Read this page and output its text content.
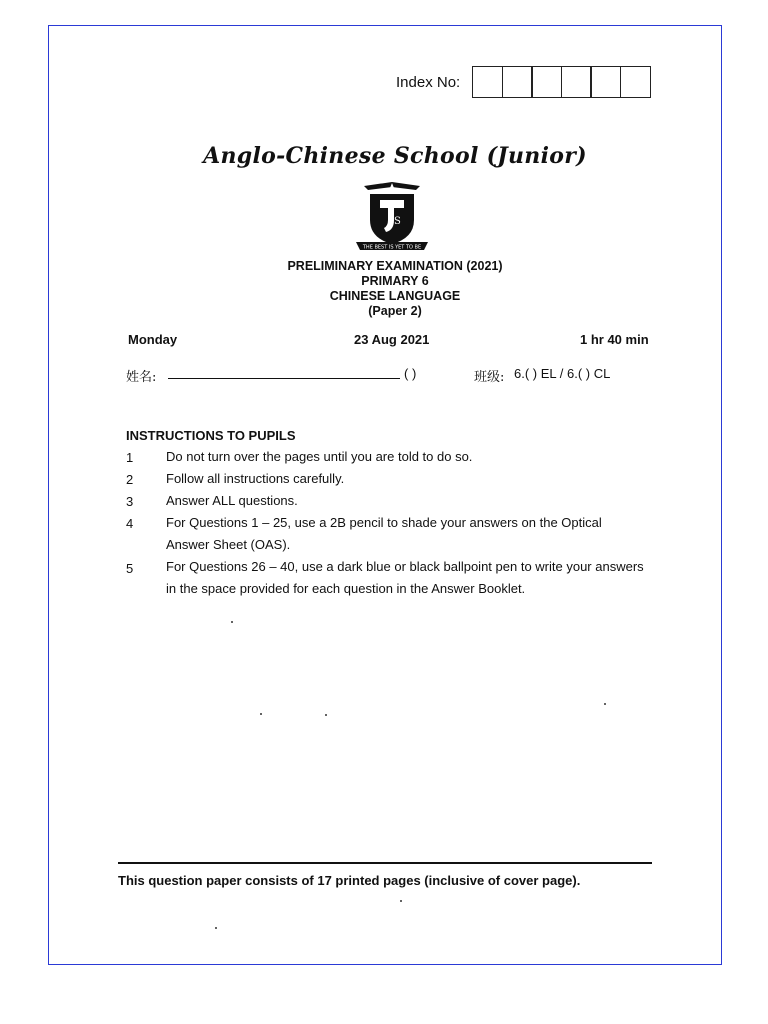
Index No:
Anglo-Chinese School (Junior)
S
THE BEST IS YET TO BE
PRELIMINARY EXAMINATION (2021)
PRIMARY 6
CHINESE LANGUAGE
(Paper 2)
Monday	23 Aug 2021	1 hr 40 min
姓名:	( )	班级: 6.( ) EL / 6.( ) CL
INSTRUCTIONS TO PUPILS
1	Do not turn over the pages until you are told to do so.
2	Follow all instructions carefully.
3	Answer ALL questions.
4	For Questions 1 – 25, use a 2B pencil to shade your answers on the Optical Answer Sheet (OAS).
5	For Questions 26 – 40, use a dark blue or black ballpoint pen to write your answers in the space provided for each question in the Answer Booklet.
This question paper consists of 17 printed pages (inclusive of cover page).
